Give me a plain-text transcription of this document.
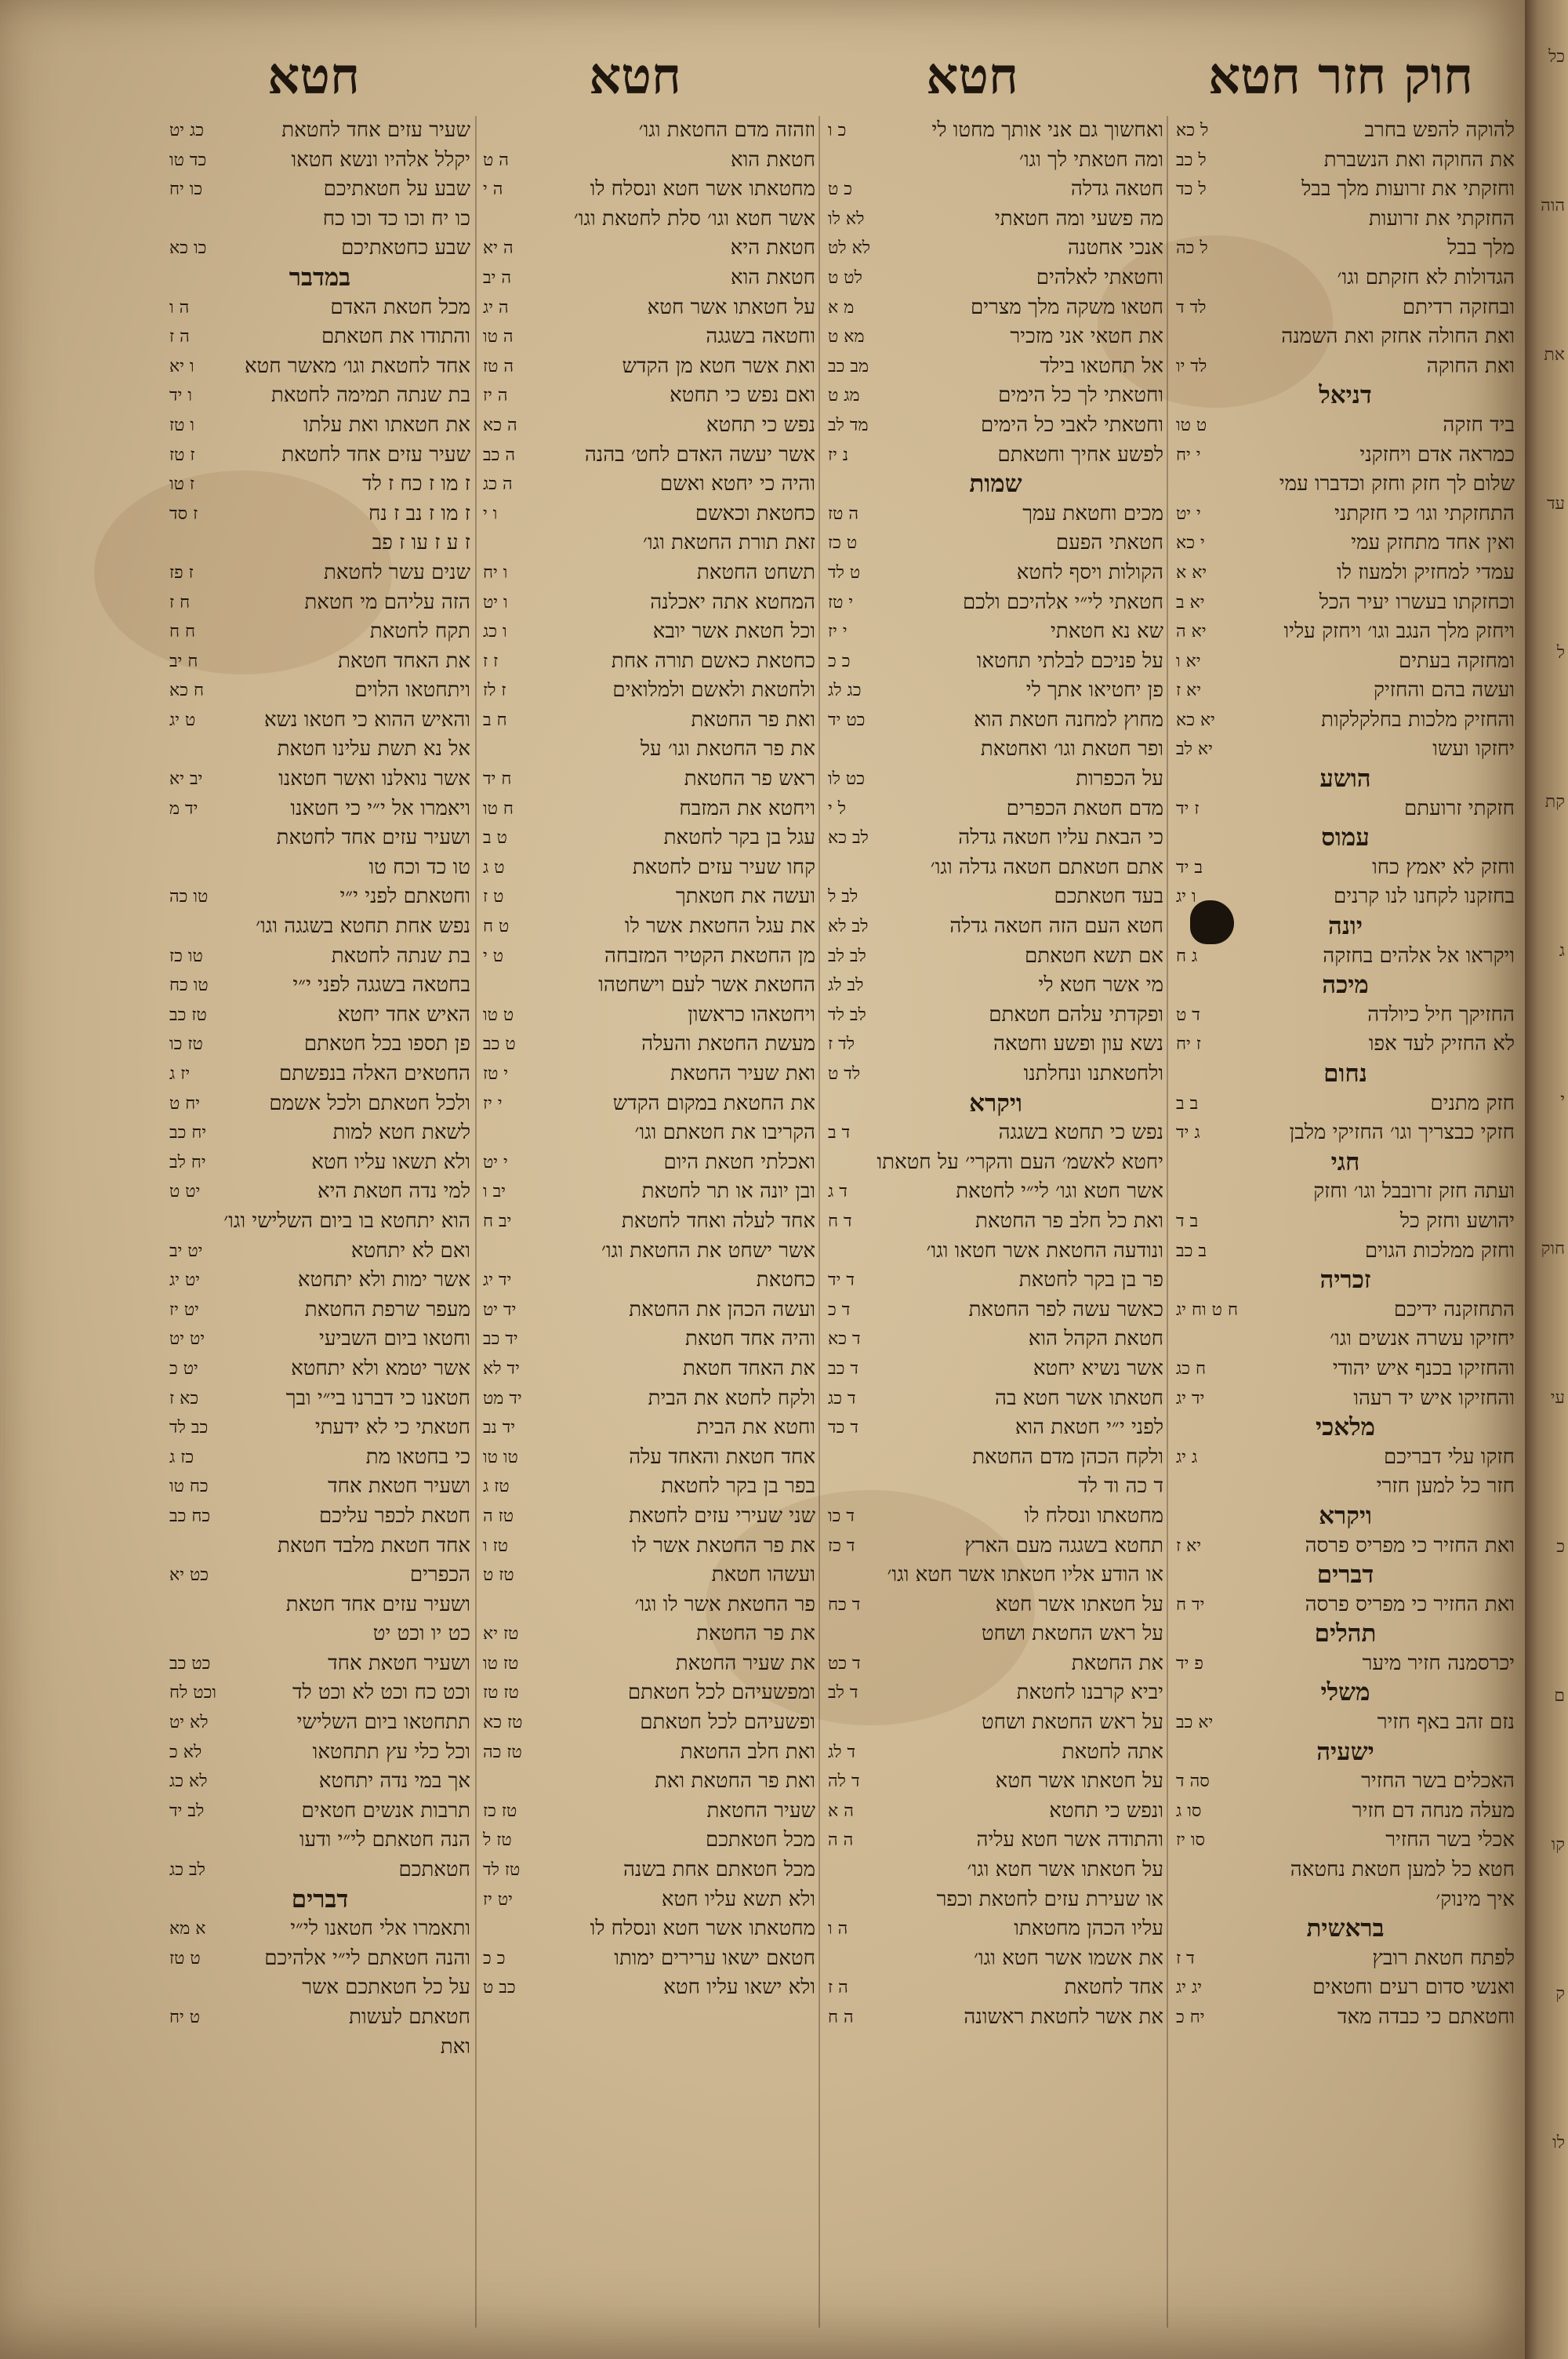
חוק חזר חטא
חטא
חטא
חטא
להוקה להפש בחרב
ל כא
את החוקה ואת הנשברת
ל כב
וחזקתי את זרועות מלך בבל
ל כד
החזקתי את זרועות
מלך בבל
ל כה
הגדולות לא חזקתם וגו׳
ובחזקה רדיתם
לד ד
ואת החולה אחזק ואת השמנה
ואת החוקה
לד יו
דניאל
ביד חזקה
ט טו
כמראה אדם ויחזקני
י יח
שלום לך חזק וחזק וכדברו עמי
התחזקתי וגו׳ כי חזקתני
י יט
ואין אחד מתחזק עמי
י כא
עמדי למחזיק ולמעוז לו
יא א
וכחזקתו בעשרו יעיר הכל
יא ב
ויחזק מלך הנגב וגו׳ ויחזק עליו
יא ה
ומחזקה בעתים
יא ו
ועשה בהם והחזיק
יא ז
והחזיק מלכות בחלקלקות
יא כא
יחזקו ועשו
יא לב
הושע
חזקתי זרועתם
ז יד
עמוס
וחזק לא יאמץ כחו
ב יד
בחזקנו לקחנו לנו קרנים
ו יג
יונה
ויקראו אל אלהים בחזקה
ג ח
מיכה
החזיקך חיל כיולדה
ד ט
לא החזיק לעד אפו
ז יח
נחום
חזק מתנים
ב ב
חזקי כבצריך וגו׳ החזיקי מלבן
ג יד
חגי
ועתה חזק זרובבל וגו׳ וחזק
יהושע וחזק כל
ב ד
וחזק ממלכות הגוים
ב כב
זכריה
התחזקנה ידיכם
ח ט וח יג
יחזיקו עשרה אנשים וגו׳
והחזיקו בכנף איש יהודי
ח כג
והחזיקו איש יד רעהו
יד יג
מלאכי
חזקו עלי דבריכם
ג יג
חזר כל למען חזרי
ויקרא
ואת החזיר כי מפריס פרסה
יא ז
דברים
ואת החזיר כי מפריס פרסה
יד ח
תהלים
יכרסמנה חזיר מיער
פ יד
משלי
נזם זהב באף חזיר
יא כב
ישעיה
האכלים בשר החזיר
סה ד
מעלה מנחה דם חזיר
סו ג
אכלי בשר החזיר
סו יז
חטא כל למען חטאת נחטאה
איך מינוק׳
בראשית
לפתח חטאת רובץ
ד ז
ואנשי סדום רעים וחטאים
יג יג
וחטאתם כי כבדה מאד
יח כ
ואחשוך גם אני אותך מחטו לי
כ ו
ומה חטאתי לך וגו׳
חטאה גדלה
כ ט
מה פשעי ומה חטאתי
לא לו
אנכי אחטנה
לא לט
וחטאתי לאלהים
לט ט
חטאו משקה מלך מצרים
מ א
את חטאי אני מזכיר
מא ט
אל תחטאו בילד
מב כב
וחטאתי לך כל הימים
מג ט
וחטאתי לאבי כל הימים
מד לב
לפשע אחיך וחטאתם
נ יז
שמות
מכים וחטאת עמך
ה טז
חטאתי הפעם
ט כז
הקולות ויסף לחטא
ט לד
חטאתי לי״י אלהיכם ולכם
י טז
שא נא חטאתי
י יז
על פניכם לבלתי תחטאו
כ כ
פן יחטיאו אתך לי
כג לג
מחוץ למחנה חטאת הוא
כט יד
ופר חטאת וגו׳ ואחטאת
על הכפרות
כט לו
מדם חטאת הכפרים
ל י
כי הבאת עליו חטאה גדלה
לב כא
אתם חטאתם חטאה גדלה וגו׳
בעד חטאתכם
לב ל
חטא העם הזה חטאה גדלה
לב לא
אם תשא חטאתם
לב לב
מי אשר חטא לי
לב לג
ופקדתי עלהם חטאתם
לב לד
נשא עון ופשע וחטאה
לד ז
ולחטאתנו ונחלתנו
לד ט
ויקרא
נפש כי תחטא בשגגה
ד ב
יחטא לאשמ׳ העם והקרי׳ על חטאתו
אשר חטא וגו׳ לי״י לחטאת
ד ג
ואת כל חלב פר החטאת
ד ח
ונודעה החטאת אשר חטאו וגו׳
פר בן בקר לחטאת
ד יד
כאשר עשה לפר החטאת
ד כ
חטאת הקהל הוא
ד כא
אשר נשיא יחטא
ד כב
חטאתו אשר חטא בה
ד כג
לפני י״י חטאת הוא
ד כד
ולקח הכהן מדם החטאת
ד כה וד לד
מחטאתו ונסלח לו
ד כו
תחטא בשגגה מעם הארץ
ד כז
או הודע אליו חטאתו אשר חטא וגו׳
על חטאתו אשר חטא
ד כח
על ראש החטאת ושחט
את החטאת
ד כט
יביא קרבנו לחטאת
ד לב
על ראש החטאת ושחט
אתה לחטאת
ד לג
על חטאתו אשר חטא
ד לה
ונפש כי תחטא
ה א
והתודה אשר חטא עליה
ה ה
על חטאתו אשר חטא וגו׳
או שעירת עזים לחטאת וכפר
עליו הכהן מחטאתו
ה ו
את אשמו אשר חטא וגו׳
אחד לחטאת
ה ז
את אשר לחטאת ראשונה
ה ח
וזהזה מדם החטאת וגו׳
חטאת הוא
ה ט
מחטאתו אשר חטא ונסלח לו
ה י
אשר חטא וגו׳ סלת לחטאת וגו׳
חטאת היא
ה יא
חטאת הוא
ה יב
על חטאתו אשר חטא
ה יג
וחטאה בשגגה
ה טו
ואת אשר חטא מן הקדש
ה טז
ואם נפש כי תחטא
ה יז
נפש כי תחטא
ה כא
אשר יעשה האדם לחט׳ בהנה
ה כב
והיה כי יחטא ואשם
ה כג
כחטאת וכאשם
ו י
זאת תורת החטאת וגו׳
תשחט החטאת
ו יח
המחטא אתה יאכלנה
ו יט
וכל חטאת אשר יובא
ו כג
כחטאת כאשם תורה אחת
ז ז
ולחטאת ולאשם ולמלואים
ז לז
ואת פר החטאת
ח ב
את פר החטאת וגו׳ על
ראש פר החטאת
ח יד
ויחטא את המזבח
ח טו
עגל בן בקר לחטאת
ט ב
קחו שעיר עזים לחטאת
ט ג
ועשה את חטאתך
ט ז
את עגל החטאת אשר לו
ט ח
מן החטאת הקטיר המזבחה
ט י
החטאת אשר לעם וישחטהו
ויחטאהו כראשון
ט טו
מעשת החטאת והעלה
ט כב
ואת שעיר החטאת
י טז
את החטאת במקום הקדש
י יז
הקריבו את חטאתם וגו׳
ואכלתי חטאת היום
י יט
ובן יונה או תר לחטאת
יב ו
אחד לעלה ואחד לחטאת
יב ח
אשר ישחט את החטאת וגו׳
כחטאת
יד יג
ועשה הכהן את החטאת
יד יט
והיה אחד חטאת
יד כב
את האחד חטאת
יד לא
ולקח לחטא את הבית
יד מט
וחטא את הבית
יד נב
אחד חטאת והאחד עלה
טו טו
בפר בן בקר לחטאת
טז ג
שני שעירי עזים לחטאת
טז ה
את פר החטאת אשר לו
טז ו
ועשהו חטאת
טז ט
פר החטאת אשר לו וגו׳
את פר החטאת
טז יא
את שעיר החטאת
טז טו
ומפשעיהם לכל חטאתם
טז טז
ופשעיהם לכל חטאתם
טז כא
ואת חלב החטאת
טז כה
ואת פר החטאת ואת
שעיר החטאת
טז כז
מכל חטאתכם
טז ל
מכל חטאתם אחת בשנה
טז לד
ולא תשא עליו חטא
יט יז
מחטאתו אשר חטא ונסלח לו
חטאם ישאו ערירים ימותו
כ כ
ולא ישאו עליו חטא
כב ט
שעיר עזים אחד לחטאת
כג יט
יקלל אלהיו ונשא חטאו
כד טו
שבע על חטאתיכם
כו יח
כו יח וכו כד וכו כח
שבע כחטאתיכם
כו כא
במדבר
מכל חטאת האדם
ה ו
והתודו את חטאתם
ה ז
אחד לחטאת וגו׳ מאשר חטא
ו יא
בת שנתה תמימה לחטאת
ו יד
את חטאתו ואת עלתו
ו טז
שעיר עזים אחד לחטאת
ז טז
ז מו ז כח ז לד
ז טו
ז מו ז נב ז נח
ז סד
ז ע ז עו ז פב
שנים עשר לחטאת
ז פז
הזה עליהם מי חטאת
ח ז
תקח לחטאת
ח ח
את האחד חטאת
ח יב
ויתחטאו הלוים
ח כא
והאיש ההוא כי חטאו נשא
ט יג
אל נא תשת עלינו חטאת
אשר נואלנו ואשר חטאנו
יב יא
ויאמרו אל י״י כי חטאנו
יד מ
ושעיר עזים אחד לחטאת
טו כד וכח טו
וחטאתם לפני י״י
טו כה
נפש אחת תחטא בשגגה וגו׳
בת שנתה לחטאת
טו כז
בחטאה בשגגה לפני י״י
טו כח
האיש אחד יחטא
טז כב
פן תספו בכל חטאתם
טז כו
החטאים האלה בנפשתם
יז ג
ולכל חטאתם ולכל אשמם
יח ט
לשאת חטא למות
יח כב
ולא תשאו עליו חטא
יח לב
למי נדה חטאת היא
יט ט
הוא יתחטא בו ביום השלישי וגו׳
ואם לא יתחטא
יט יב
אשר ימות ולא יתחטא
יט יג
מעפר שרפת החטאת
יט יז
וחטאו ביום השביעי
יט יט
אשר יטמא ולא יתחטא
יט כ
חטאנו כי דברנו בי״י ובך
כא ז
חטאתי כי לא ידעתי
כב לד
כי בחטאו מת
כז ג
ושעיר חטאת אחד
כח טו
חטאת לכפר עליכם
כח כב
אחד חטאת מלבד חטאת
הכפרים
כט יא
ושעיר עזים אחד חטאת
כט יו וכט יט
ושעיר חטאת אחד
כט כב
וכט כח וכט לא וכט לד
וכט לח
תתחטאו ביום השלישי
לא יט
וכל כלי עץ תתחטאו
לא כ
אך במי נדה יתחטא
לא כג
תרבות אנשים חטאים
לב יד
הנה חטאתם לי״י ודעו
חטאתכם
לב כג
דברים
ותאמרו אלי חטאנו לי״י
א מא
והנה חטאתם לי״י אלהיכם
ט טז
על כל חטאתכם אשר
חטאתם לעשות
ט יח
ואת
כל
הוה
את
עד
ל
קת
ג
י
חוק
עי
כ
ם
קו
ק
לו
